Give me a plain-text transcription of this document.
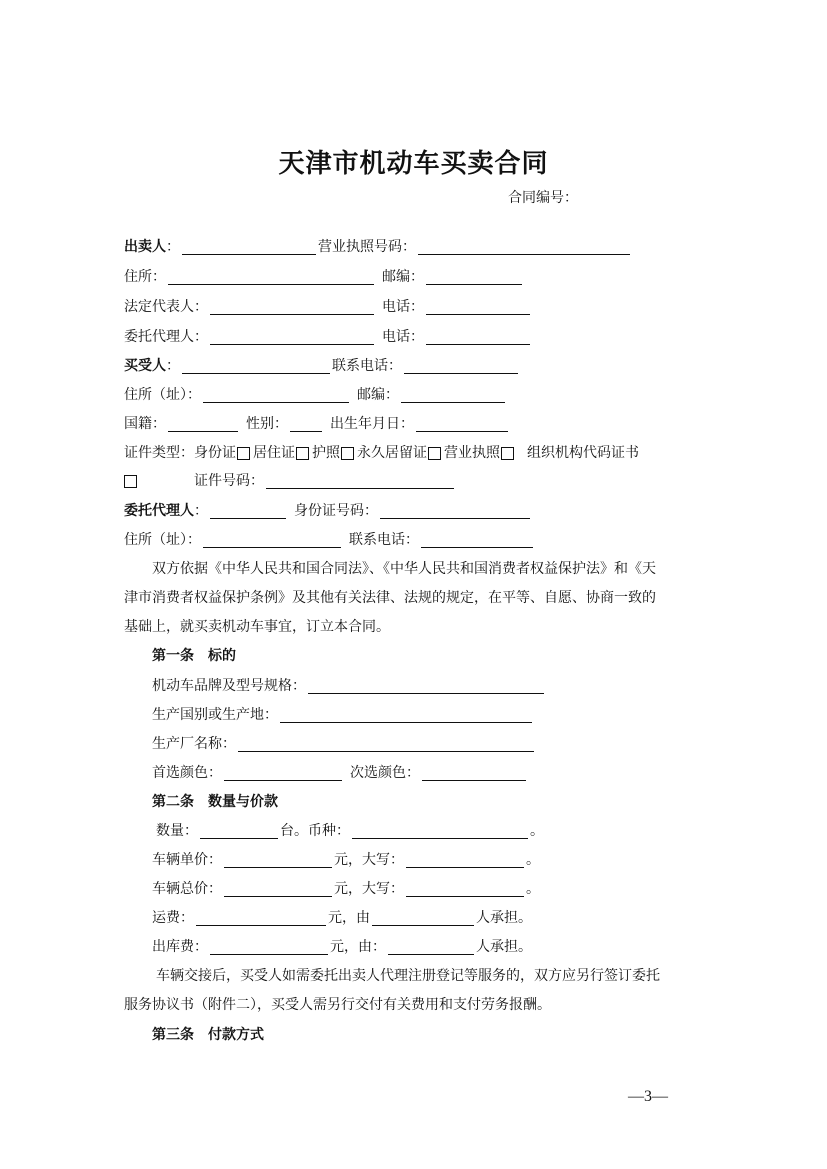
天津市机动车买卖合同
合同编号：
出卖人 ：	营业执照号码：
住所：	邮编：
法定代表人：	电话：
委托代理人：	电话：
买受人 ：	联系电话：
住所（址）：	邮编：
国籍：	性别：	出生年月日：
证件类型： 身份证 居住证 护照 永久居留证 营业执照 组织机构代码证书
证件号码：
委托代理人 ：	身份证号码：
住所（址）：	联系电话：
双方依据《中华人民共和国合同法》、《中华人民共和国消费者权益保护法》和《天
津市消费者权益保护条例》及其他有关法律、法规的规定，在平等、自愿、协商一致的
基础上，就买卖机动车事宜，订立本合同。
第一条　标的
机动车品牌及型号规格：
生产国别或生产地：
生产厂名称：
首选颜色：	次选颜色：
第二条　数量与价款
数量：	台。 币种：	。
车辆单价：	元，大写：	。
车辆总价：	元，大写：	。
运费：	元，由	人承担。
出库费：	元，由：	人承担。
车辆交接后，买受人如需委托出卖人代理注册登记等服务的，双方应另行签订委托
服务协议书（附件二），买受人需另行交付有关费用和支付劳务报酬。
第三条　付款方式
—3—
